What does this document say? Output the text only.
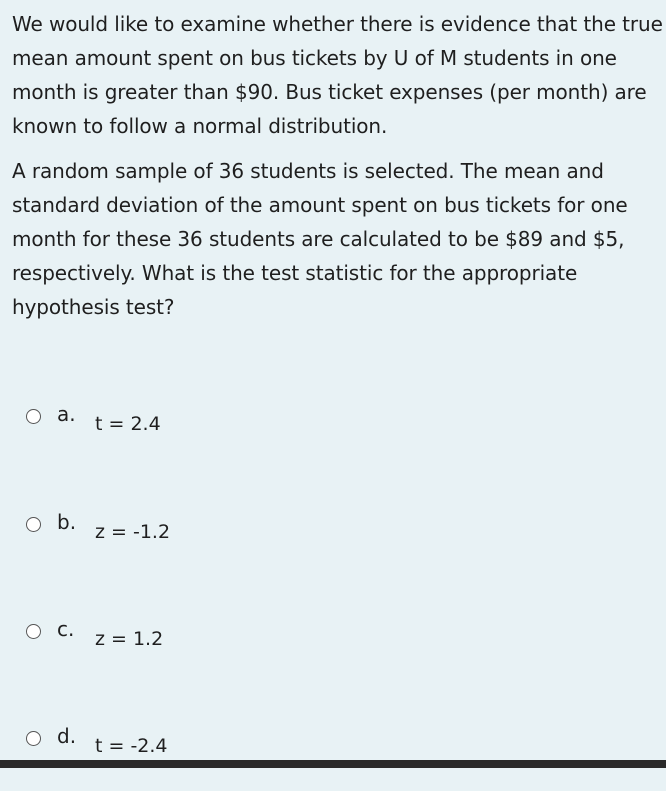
We would like to examine whether there is evidence that the true mean amount spent on bus tickets by U of M students in one month is greater than $90. Bus ticket expenses (per month) are known to follow a normal distribution.

A random sample of 36 students is selected. The mean and standard deviation of the amount spent on bus tickets for one month for these 36 students are calculated to be $89 and $5, respectively. What is the test statistic for the appropriate hypothesis test?

a. t = 2.4
b. z = -1.2
c. z = 1.2
d. t = -2.4
